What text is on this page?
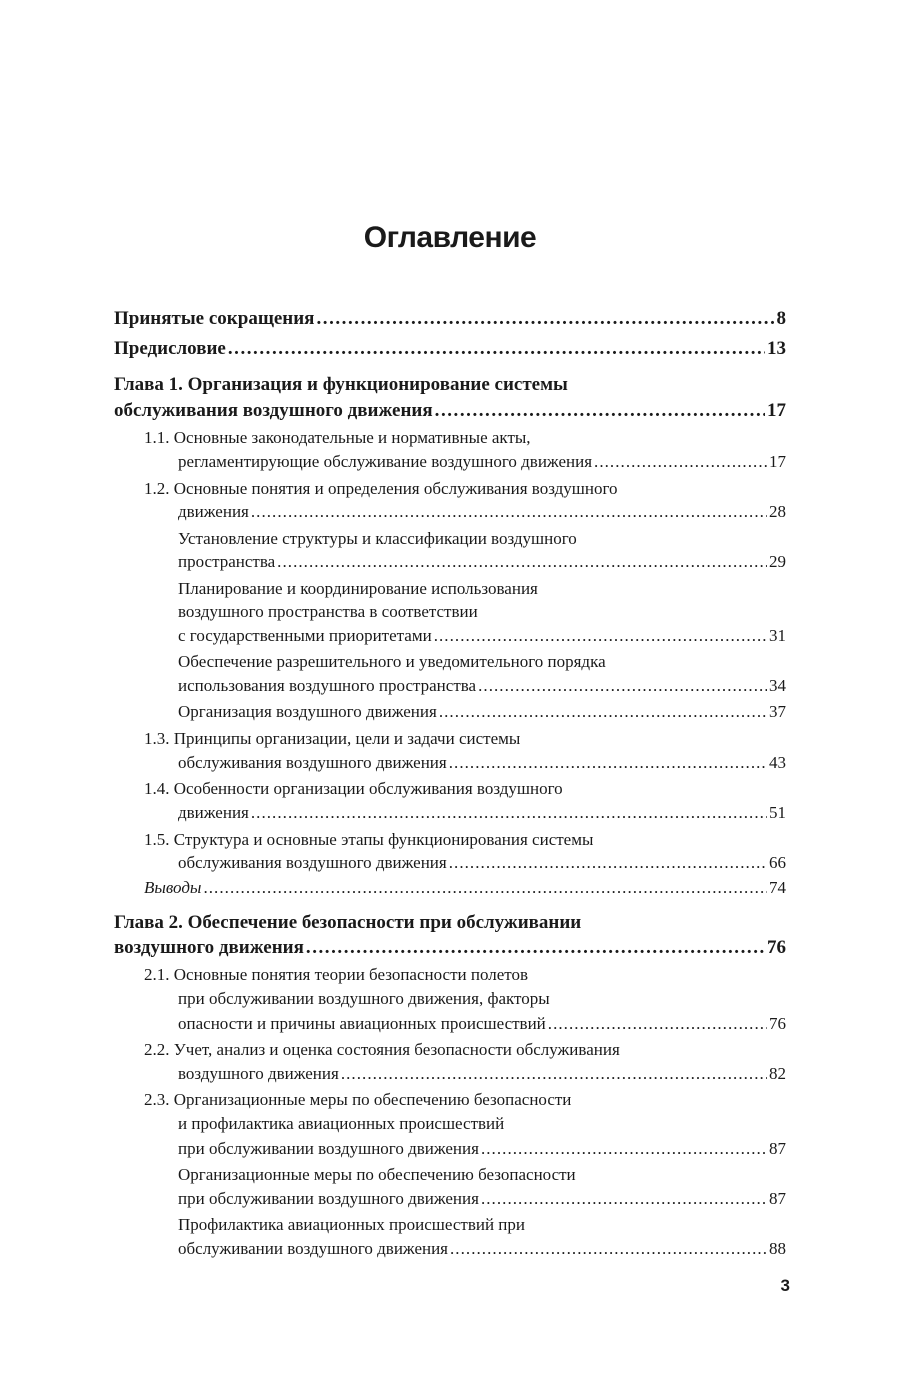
Оглавление
Принятые сокращения . . .	8
Предисловие . . .	13
Глава 1. Организация и функционирование системы
обслуживания воздушного движения . . .	17
1.1. Основные законодательные и нормативные акты,
регламентирующие обслуживание воздушного движения . . .	17
1.2. Основные понятия и определения обслуживания воздушного
движения . . .	28
Установление структуры и классификации воздушного
пространства . . .	29
Планирование и координирование использования
воздушного пространства в соответствии
с государственными приоритетами . . .	31
Обеспечение разрешительного и уведомительного порядка
использования воздушного пространства . . .	34
Организация воздушного движения . . .	37
1.3. Принципы организации, цели и задачи системы
обслуживания воздушного движения . . .	43
1.4. Особенности организации обслуживания воздушного
движения . . .	51
1.5. Структура и основные этапы функционирования системы
обслуживания воздушного движения . . .	66
Выводы . . .	74
Глава 2. Обеспечение безопасности при обслуживании
воздушного движения . . .	76
2.1. Основные понятия теории безопасности полетов
при обслуживании воздушного движения, факторы
опасности и причины авиационных происшествий . . .	76
2.2. Учет, анализ и оценка состояния безопасности обслуживания
воздушного движения . . .	82
2.3. Организационные меры по обеспечению безопасности
и профилактика авиационных происшествий
при обслуживании воздушного движения . . .	87
Организационные меры по обеспечению безопасности
при обслуживании воздушного движения . . .	87
Профилактика авиационных происшествий при
обслуживании воздушного движения . . .	88
3
